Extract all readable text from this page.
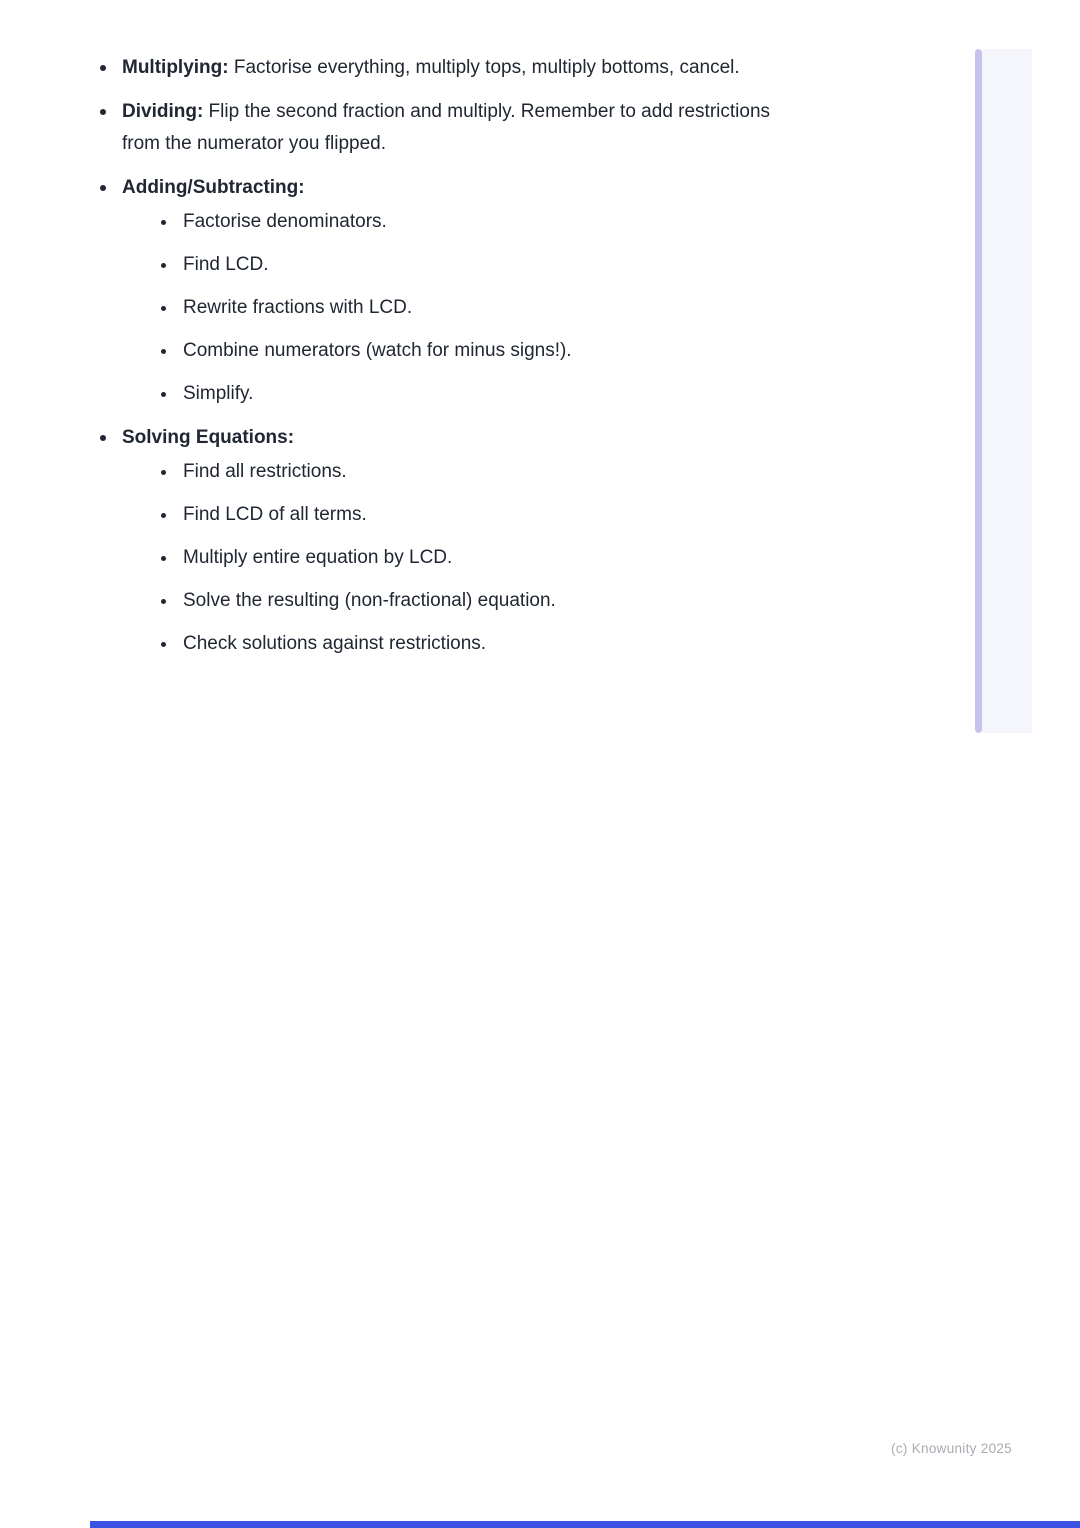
Multiplying: Factorise everything, multiply tops, multiply bottoms, cancel.
Dividing: Flip the second fraction and multiply. Remember to add restrictions from the numerator you flipped.
Adding/Subtracting:
Factorise denominators.
Find LCD.
Rewrite fractions with LCD.
Combine numerators (watch for minus signs!).
Simplify.
Solving Equations:
Find all restrictions.
Find LCD of all terms.
Multiply entire equation by LCD.
Solve the resulting (non-fractional) equation.
Check solutions against restrictions.
(c) Knowunity 2025
